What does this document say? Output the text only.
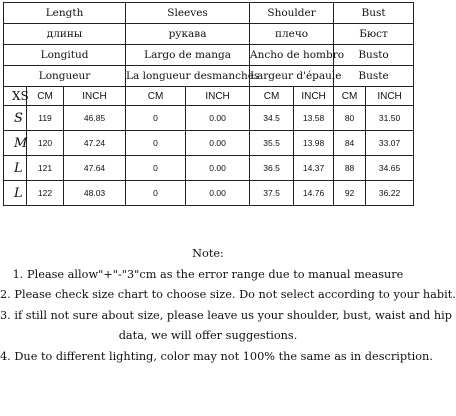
Length			Sleeves		Shoulder		Bust	
длины			рукава		плечо		Бюст	
Longitud			Largo de manga		Ancho de hombro		Busto	
Longueur			La longueur desmanches		Largeur d'épaule		Buste	
XS	CM	INCH	CM	INCH	CM	INCH	CM	INCH
S	119	46.85	0	0.00	34.5	13.58	80	31.50
M	120	47.24	0	0.00	35.5	13.98	84	33.07
L	121	47.64	0	0.00	36.5	14.37	88	34.65
L	122	48.03	0	0.00	37.5	14.76	92	36.22
Note:
1. Please allow"+"-"3"cm as the error range due to manual measure
2. Please check size chart to choose size. Do not select according to your habit.
3. if still not sure about size, please leave us your shoulder, bust, waist and hip
data, we will offer suggestions.
4. Due to different lighting, color may not 100% the same as in description.
